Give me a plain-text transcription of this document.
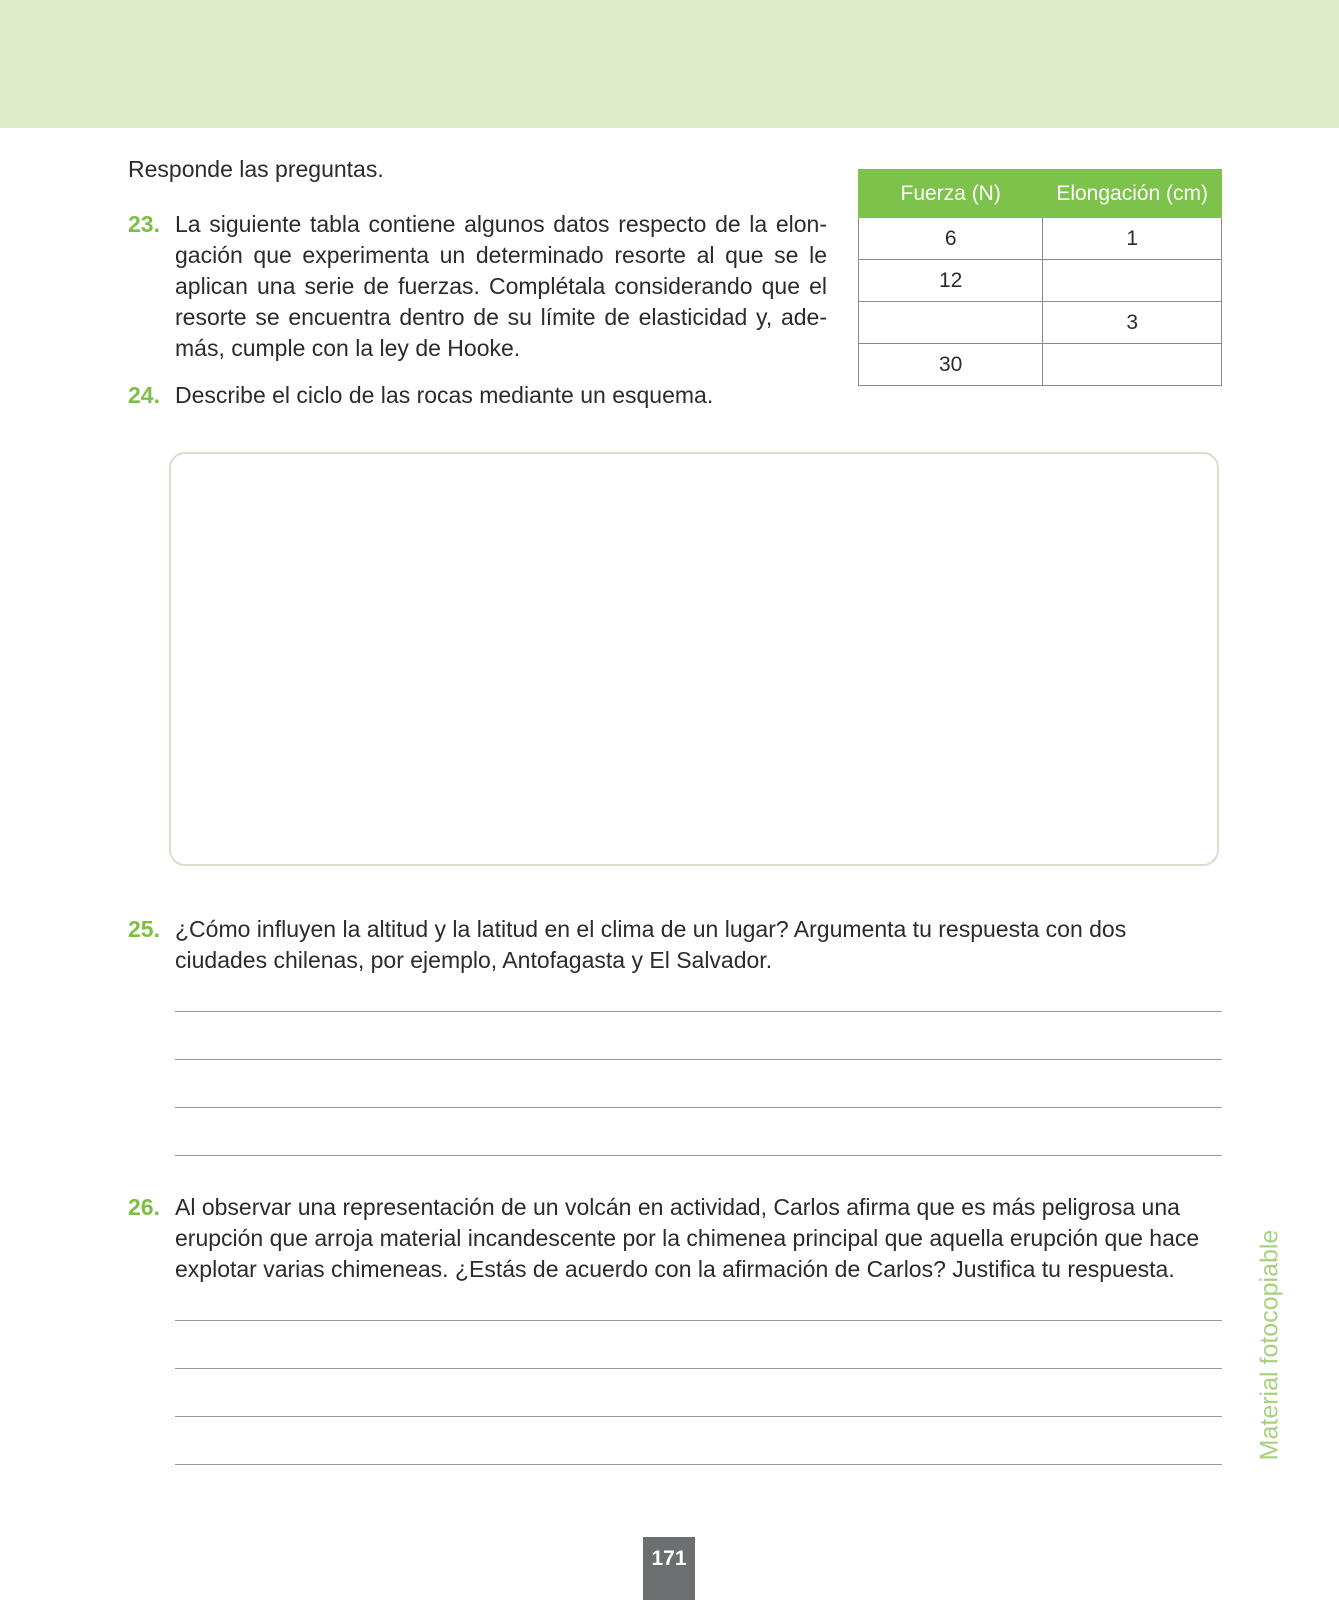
Responde las preguntas.
23. La siguiente tabla contiene algunos datos respecto de la elon-gación que experimenta un determinado resorte al que se le aplican una serie de fuerzas. Complétala considerando que el resorte se encuentra dentro de su límite de elasticidad y, ade-más, cumple con la ley de Hooke.
Fuerza (N)	Elongación (cm)
6	1
12	
	3
30	
24. Describe el ciclo de las rocas mediante un esquema.
25. ¿Cómo influyen la altitud y la latitud en el clima de un lugar? Argumenta tu respuesta con dos ciudades chilenas, por ejemplo, Antofagasta y El Salvador.
26. Al observar una representación de un volcán en actividad, Carlos afirma que es más peligrosa una erupción que arroja material incandescente por la chimenea principal que aquella erupción que hace explotar varias chimeneas. ¿Estás de acuerdo con la afirmación de Carlos? Justifica tu respuesta.	Material fotocopiable
171
